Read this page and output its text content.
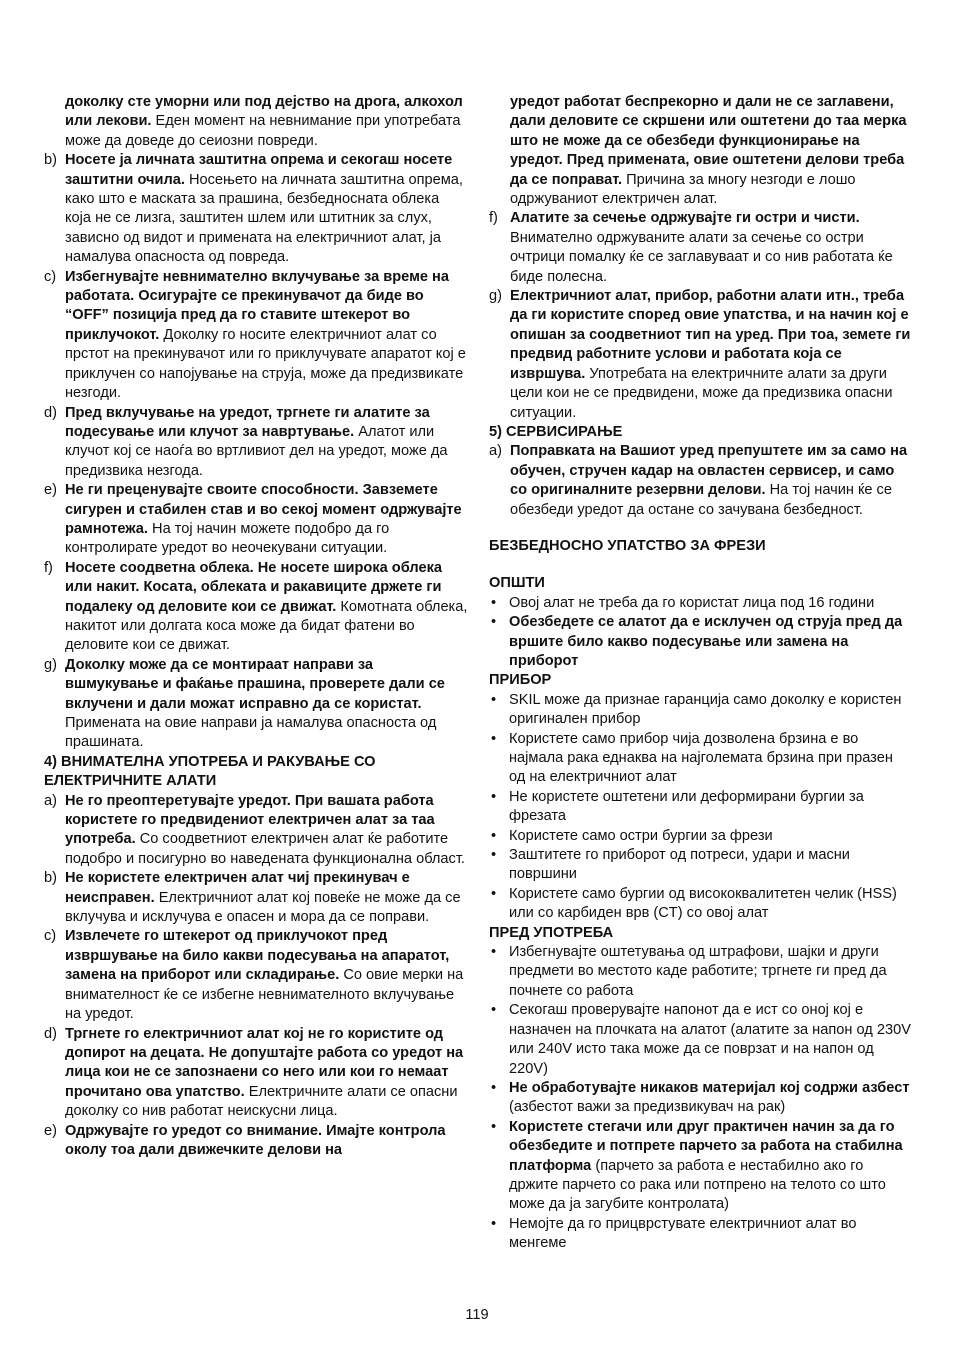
доколку сте уморни или под дејство на дрога, алкохол или лекови. Еден момент на невнимание при употребата може да доведе до сеиозни повреди.
b) Носете ја личната заштитна опрема и секогаш носете заштитни очила. Носењето на личната заштитна опрема, како што е маската за прашина, безбедносната облека која не се лизга, заштитен шлем или штитник за слух, зависно од видот и примената на електричниот алат, ја намалува опасноста од повреда.
c) Избегнувајте невнимателно вклучување за време на работата. Осигурајте се прекинувачот да биде во “OFF” позиција пред да го ставите штекерот во приклучокот. Доколку го носите електричниот алат со прстот на прекинувачот или го приклучувате апаратот кој е приклучен со напојување на струја, може да предизвикате незгоди.
d) Пред вклучување на уредот, тргнете ги алатите за подесување или клучот за навртување. Алатот или клучот кој се наоѓа во вртливиот дел на уредот, може да предизвика незгода.
e) Не ги преценувајте своите способности. Завземете сигурен и стабилен став и во секој момент одржувајте рамнотежа. На тој начин можете подобро да го контролирате уредот во неочекувани ситуации.
f) Носете соодветна облека. Не носете широка облека или накит. Косата, облеката и ракавиците држете ги подалеку од деловите кои се движат. Комотната облека, накитот или долгата коса може да бидат фатени во деловите кои се движат.
g) Доколку може да се монтираат направи за вшмукување и фаќање прашина, проверете дали се вклучени и дали можат исправно да се користат. Примената на овие направи ја намалува опасноста од прашината.
4) ВНИМАТЕЛНА УПОТРЕБА И РАКУВАЊЕ СО ЕЛЕКТРИЧНИТЕ АЛАТИ
a) Не го преоптеретувајте уредот. При вашата работа користете го предвидениот електричен алат за таа употреба. Со соодветниот електричен алат ќе работите подобро и посигурно во наведената функционална област.
b) Не користете електричен алат чиј прекинувач е неисправен. Електричниот алат кој повеќе не може да се вклучува и исклучува е опасен и мора да се поправи.
c) Извлечете го штекерот од приклучокот пред извршување на било какви подесувања на апаратот, замена на приборот или складирање. Со овие мерки на внимателност ќе се избегне невнимателното вклучување на уредот.
d) Тргнете го електричниот алат кој не го користите од допирот на децата. Не допуштајте работа со уредот на лица кои не се запознаени со него или кои го немаат прочитано ова упатство. Електричните алати се опасни доколку со нив работат неискусни лица.
e) Одржувајте го уредот со внимание. Имајте контрола околу тоа дали движечките делови на
уредот работат беспрекорно и дали не се заглавени, дали деловите се скршени или оштетени до таа мерка што не може да се обезбеди функционирање на уредот. Пред примената, овие оштетени делови треба да се поправат. Причина за многу незгоди е лошо одржуваниот електричен алат.
f) Алатите за сечење одржувајте ги остри и чисти. Внимателно одржуваните алати за сечење со остри очтрици помалку ќе се заглавуваат и со нив работата ќе биде полесна.
g) Електричниот алат, прибор, работни алати итн., треба да ги користите според овие упатства, и на начин кој е опишан за соодветниот тип на уред. При тоа, земете ги предвид работните услови и работата која се извршува. Употребата на електричните алати за други цели кои не се предвидени, може да предизвика опасни ситуации.
5) СЕРВИСИРАЊЕ
a) Поправката на Вашиот уред препуштете им за само на обучен, стручен кадар на овластен сервисер, и само со оригиналните резервни делови. На тој начин ќе се обезбеди уредот да остане со зачувана безбедност.
БЕЗБЕДНОСНО УПАТСТВО ЗА ФРЕЗИ
ОПШТИ
• Овој алат не треба да го користат лица под 16 години
• Обезбедете се алатот да е исклучен од струја пред да вршите било какво подесување или замена на приборот
ПРИБОР
• SKIL може да признае гаранција само доколку е користен оригинален прибор
• Користете само прибор чија дозволена брзина е во најмала рака еднаква на најголемата брзина при празен од на електричниот алат
• Не користете оштетени или деформирани бургии за фрезата
• Користете само остри бургии за фрези
• Заштитете го приборот од потреси, удари и масни површини
• Користете само бургии од висококвалитетен челик (HSS) или со карбиден врв (CT) со овој алат
ПРЕД УПОТРЕБА
• Избегнувајте оштетувања од штрафови, шајки и други предмети во местото каде работите; тргнете ги пред да почнете со работа
• Секогаш проверувајте напонот да е ист со оној кој е назначен на плочката на алатот (алатите за напон од 230V или 240V исто така може да се поврзат и на напон од 220V)
• Не обработувајте никаков материјал кој содржи азбест (азбестот важи за предизвикувач на рак)
• Користете стегачи или друг практичен начин за да го обезбедите и потпрете парчето за работа на стабилна платформа (парчето за работа е нестабилно ако го држите парчето со рака или потпрено на телото со што може да ја загубите контролата)
• Немојте да го прицврстувате електричниот алат во менгеме
119
